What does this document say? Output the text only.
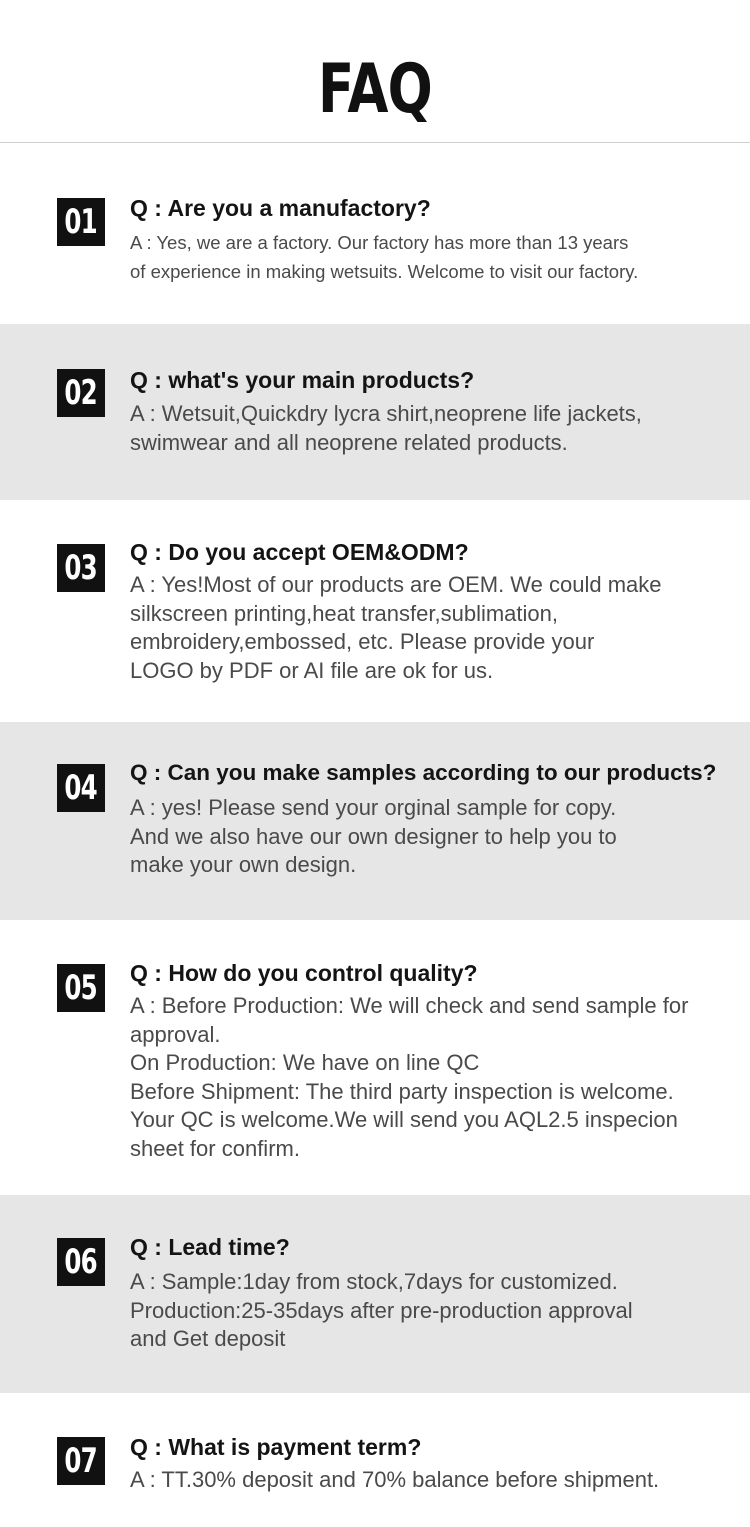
FAQ
01	Q : Are you a manufactory?
A : Yes, we are a factory. Our factory has more than 13 years
of experience in making wetsuits. Welcome to visit our factory.
02	Q : what's your main products?
A : Wetsuit,Quickdry lycra shirt,neoprene life jackets,
swimwear and all neoprene related products.
03	Q : Do you accept OEM&ODM?
A : Yes!Most of our products are OEM. We could make
silkscreen printing,heat transfer,sublimation,
embroidery,embossed, etc. Please provide your
LOGO by PDF or AI file are ok for us.
04	Q : Can you make samples according to our products?
A : yes! Please send your orginal sample for copy.
And we also have our own designer to help you to
make your own design.
05	Q : How do you control quality?
A : Before Production: We will check and send sample for
approval.
On Production: We have on line QC
Before Shipment: The third party inspection is welcome.
Your QC is welcome.We will send you AQL2.5 inspecion
sheet for confirm.
06	Q : Lead time?
A : Sample:1day from stock,7days for customized.
Production:25-35days after pre-production approval
and Get deposit
07	Q : What is payment term?
A : TT.30% deposit and 70% balance before shipment.
